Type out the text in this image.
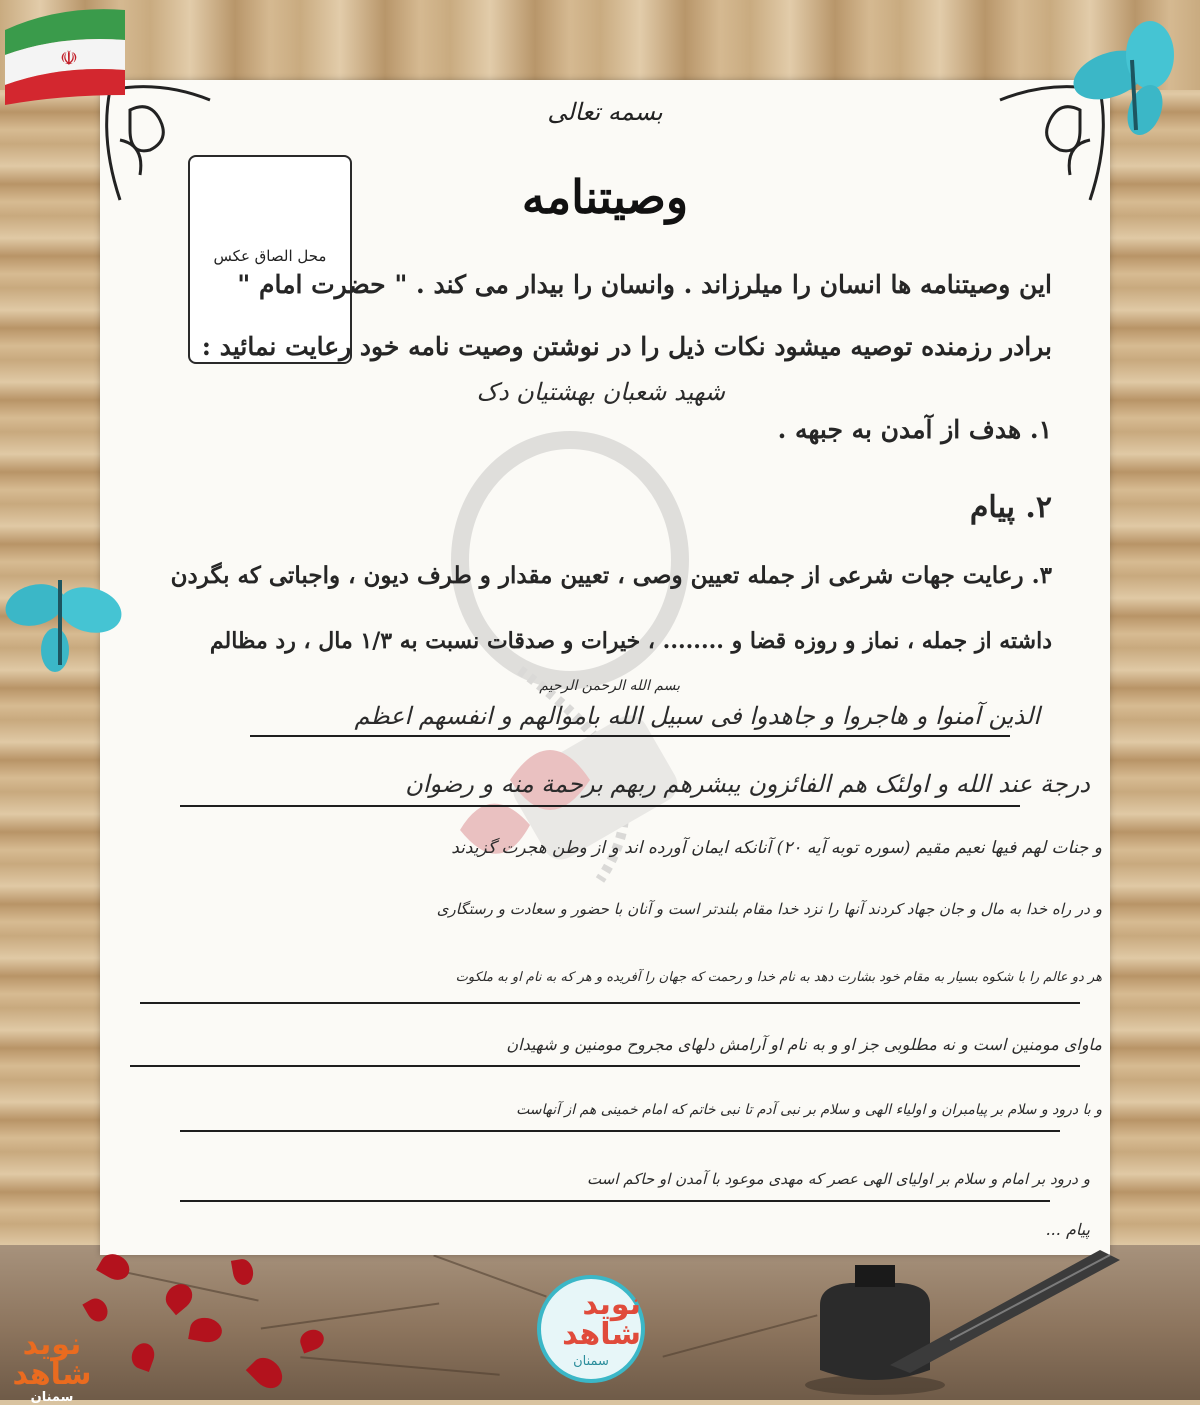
بسمه تعالی
وصیتنامه
محل الصاق عکس
این وصیتنامه ها انسان را میلرزاند . وانسان را بیدار می کند . " حضرت امام "
برادر رزمنده توصیه میشود نکات ذیل را در نوشتن وصیت نامه خود رعایت نمائید :
شهید شعبان بهشتیان دک
۱. هدف از آمدن به جبهه .
۲. پیام
۳. رعایت جهات شرعی از جمله تعیین وصی ، تعیین مقدار و طرف دیون ، واجباتی که بگردن
داشته از جمله ، نماز و روزه قضا و ........ ، خیرات و صدقات نسبت به ۱/۳ مال ، رد مظالم
بسم الله الرحمن الرحیم
الذین آمنوا و هاجروا و جاهدوا فی سبیل الله باموالهم و انفسهم اعظم
درجة عند الله و اولئک هم الفائزون یبشرهم ربهم برحمة منه و رضوان
و جنات لهم فیها نعیم مقیم (سوره توبه آیه ۲۰) آنانکه ایمان آورده اند و از وطن هجرت گزیدند
و در راه خدا به مال و جان جهاد کردند آنها را نزد خدا مقام بلندتر است و آنان با حضور و سعادت و رستگاری
هر دو عالم را با شکوه بسیار به مقام خود بشارت دهد به نام خدا و رحمت که جهان را آفریده و هر که به نام او به ملکوت
ماوای مومنین است و نه مطلوبی جز او و به نام او آرامش دلهای مجروح مومنین و شهیدان
و با درود و سلام بر پیامبران و اولیاء الهی و سلام بر نبی آدم تا نبی خاتم که امام خمینی هم از آنهاست
و درود بر امام و سلام بر اولیای الهی عصر که مهدی موعود با آمدن او حاکم است
پیام ...
☫
نوید شاهد
سمنان
نوید شاهد
سمنان
